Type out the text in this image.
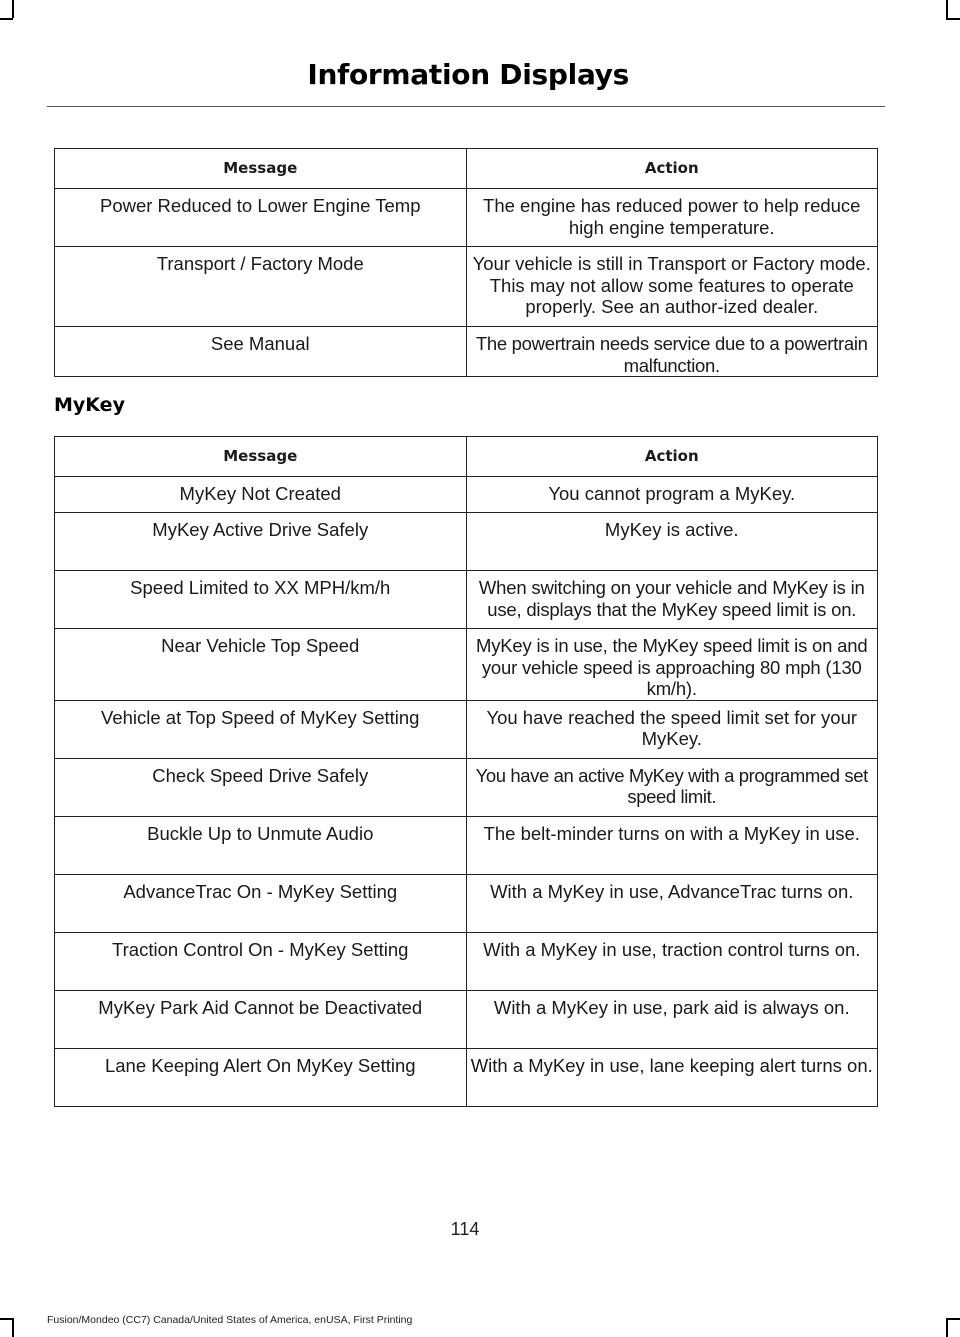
Information Displays
Message	Action
Power Reduced to Lower Engine Temp	The engine has reduced power to help reduce high engine temperature.
Transport / Factory Mode	Your vehicle is still in Transport or Factory mode. This may not allow some features to operate properly. See an author-ized dealer.
See Manual	The powertrain needs service due to a powertrain malfunction.
MyKey
Message	Action
MyKey Not Created	You cannot program a MyKey.
MyKey Active Drive Safely	MyKey is active.
Speed Limited to XX MPH/km/h	When switching on your vehicle and MyKey is in use, displays that the MyKey speed limit is on.
Near Vehicle Top Speed	MyKey is in use, the MyKey speed limit is on and your vehicle speed is approaching 80 mph (130 km/h).
Vehicle at Top Speed of MyKey Setting	You have reached the speed limit set for your MyKey.
Check Speed Drive Safely	You have an active MyKey with a programmed set speed limit.
Buckle Up to Unmute Audio	The belt-minder turns on with a MyKey in use.
AdvanceTrac On - MyKey Setting	With a MyKey in use, AdvanceTrac turns on.
Traction Control On - MyKey Setting	With a MyKey in use, traction control turns on.
MyKey Park Aid Cannot be Deactivated	With a MyKey in use, park aid is always on.
Lane Keeping Alert On MyKey Setting	With a MyKey in use, lane keeping alert turns on.
114
Fusion/Mondeo (CC7) Canada/United States of America, enUSA, First Printing
